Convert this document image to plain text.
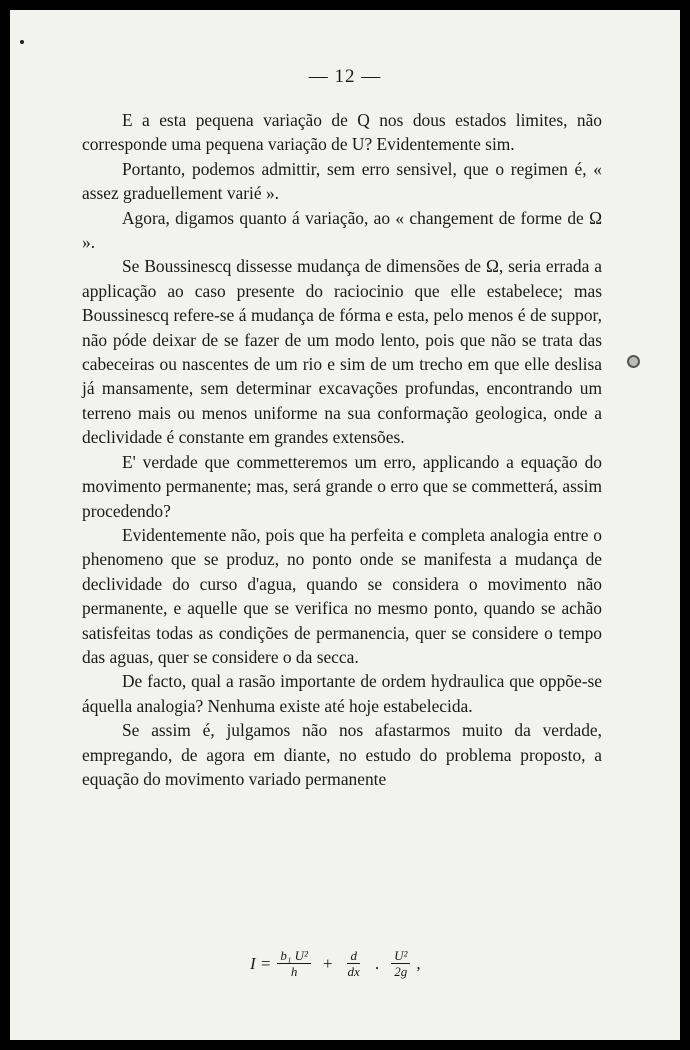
— 12 —

E a esta pequena variação de Q nos dous estados limites, não corresponde uma pequena variação de U? Evidentemente sim.

Portanto, podemos admittir, sem erro sensivel, que o regimen é, « assez graduellement varié ».

Agora, digamos quanto á variação, ao « changement de forme de Ω ».

Se Boussinescq dissesse mudança de dimensões de Ω, seria errada a applicação ao caso presente do raciocinio que elle estabelece; mas Boussinescq refere-se á mudança de fórma e esta, pelo menos é de suppor, não póde deixar de se fazer de um modo lento, pois que não se trata das cabeceiras ou nascentes de um rio e sim de um trecho em que elle deslisa já mansamente, sem determinar excavações profundas, encontrando um terreno mais ou menos uniforme na sua conformação geologica, onde a declividade é constante em grandes extensões.

E' verdade que commetteremos um erro, applicando a equação do movimento permanente; mas, será grande o erro que se commetterá, assim procedendo?

Evidentemente não, pois que ha perfeita e completa analogia entre o phenomeno que se produz, no ponto onde se manifesta a mudança de declividade do curso d'agua, quando se considera o movimento não permanente, e aquelle que se verifica no mesmo ponto, quando se achão satisfeitas todas as condições de permanencia, quer se considere o tempo das aguas, quer se considere o da secca.

De facto, qual a rasão importante de ordem hydraulica que oppõe-se áquella analogia? Nenhuma existe até hoje estabelecida.

Se assim é, julgamos não nos afastarmos muito da verdade, empregando, de agora em diante, no estudo do problema proposto, a equação do movimento variado permanente

$I = \frac{\text{b₁ U²}}{h} + \frac{d}{dx}$ . $\frac{\text{U²}}{2g}$ ,
